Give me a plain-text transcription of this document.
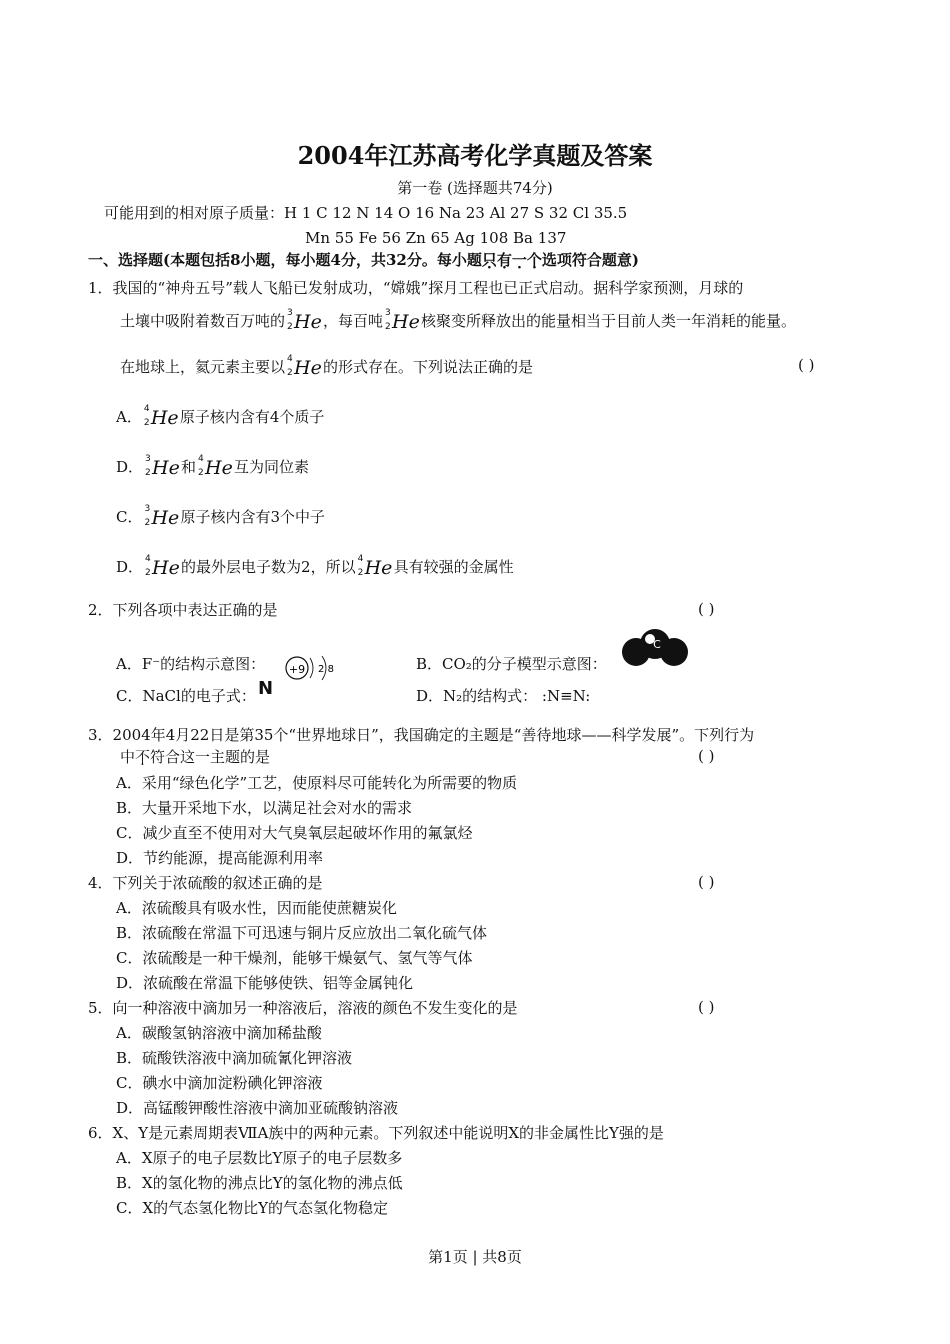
2004年江苏高考化学真题及答案
第一卷 (选择题共74分)
可能用到的相对原子质量：H 1 C 12 N 14 O 16 Na 23 Al 27 S 32 Cl 35.5
Mn 55 Fe 56 Zn 65 Ag 108 Ba 137
一、选择题(本题包括8小题，每小题4分，共32分。每小题只有一个选项符合题意)
1．我国的“神舟五号”载人飞船已发射成功，“嫦娥”探月工程也已正式启动。据科学家预测，月球的
土壤中吸附着数百万吨的 3
2 He ，每百吨 3
2 He 核聚变所释放出的能量相当于目前人类一年消耗的能量。
在地球上，氦元素主要以 4
2 He 的形式存在。下列说法正确的是	( )
A． 4
2 He 原子核内含有4个质子
D． 3
2 He 和 4
2 He 互为同位素
C． 3
2 He 原子核内含有3个中子
D． 4
2 He 的最外层电子数为2，所以 4
2 He 具有较强的金属性
2．下列各项中表达正确的是	( )
A．F⁻的结构示意图： +9 2 8	B．CO₂的分子模型示意图：
C
C．NaCl的电子式： N	D．N₂的结构式： :N≡N:
3．2004年4月22日是第35个“世界地球日”，我国确定的主题是“善待地球——科学发展”。下列行为
中不符合这一主题的是	( )
A．采用“绿色化学”工艺，使原料尽可能转化为所需要的物质
B．大量开采地下水，以满足社会对水的需求
C．减少直至不使用对大气臭氧层起破坏作用的氟氯烃
D．节约能源，提高能源利用率
4．下列关于浓硫酸的叙述正确的是	( )
A．浓硫酸具有吸水性，因而能使蔗糖炭化
B．浓硫酸在常温下可迅速与铜片反应放出二氧化硫气体
C．浓硫酸是一种干燥剂，能够干燥氨气、氢气等气体
D．浓硫酸在常温下能够使铁、铝等金属钝化
5．向一种溶液中滴加另一种溶液后，溶液的颜色不发生变化的是	( )
A．碳酸氢钠溶液中滴加稀盐酸
B．硫酸铁溶液中滴加硫氰化钾溶液
C．碘水中滴加淀粉碘化钾溶液
D．高锰酸钾酸性溶液中滴加亚硫酸钠溶液
6．X、Y是元素周期表ⅦA族中的两种元素。下列叙述中能说明X的非金属性比Y强的是
A．X原子的电子层数比Y原子的电子层数多
B．X的氢化物的沸点比Y的氢化物的沸点低
C．X的气态氢化物比Y的气态氢化物稳定
第1页 | 共8页
